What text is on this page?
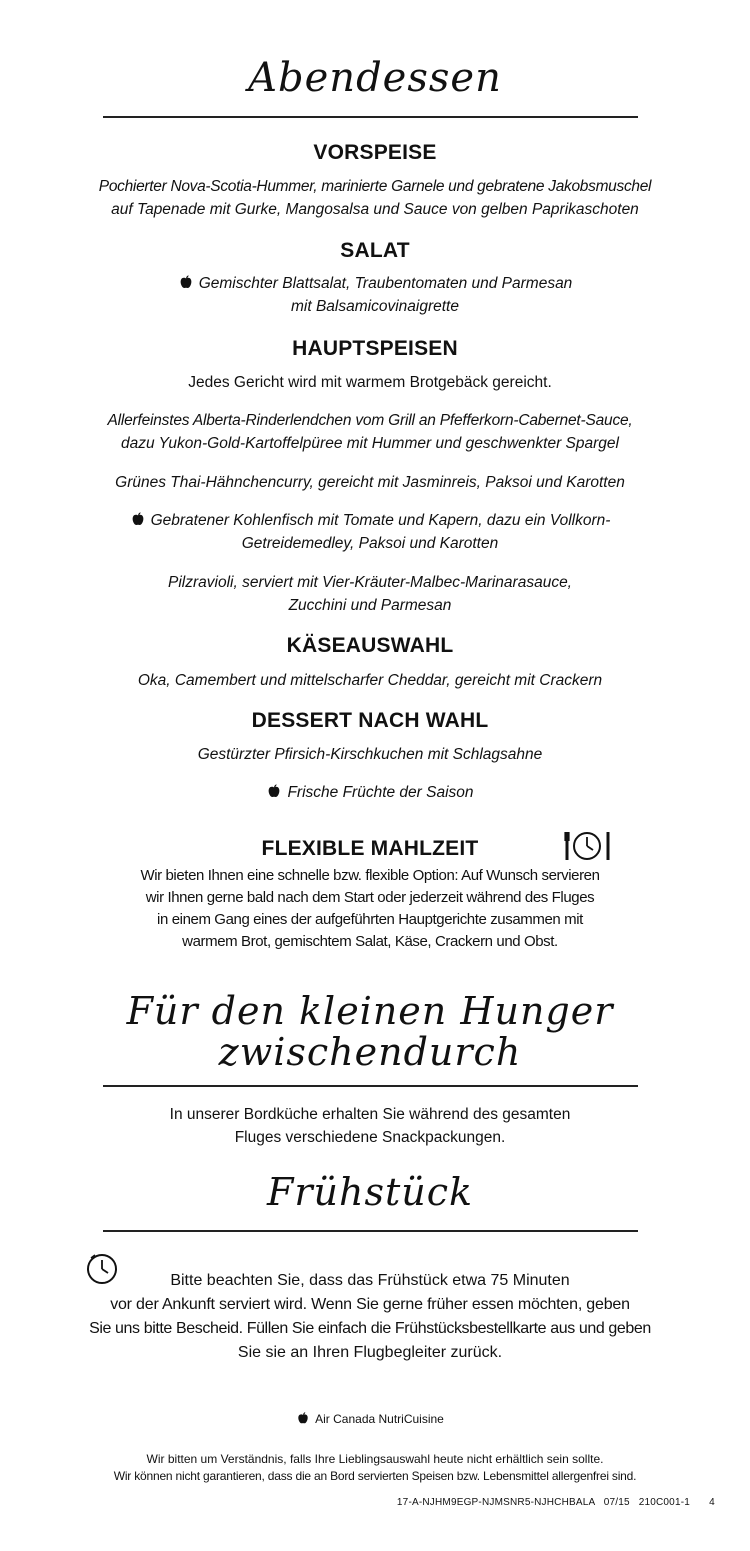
Abendessen
VORSPEISE

Pochierter Nova-Scotia-Hummer, marinierte Garnele und gebratene Jakobsmuschel

auf Tapenade mit Gurke, Mangosalsa und Sauce von gelben Paprikaschoten

SALAT

Gemischter Blattsalat, Traubentomaten und Parmesan

mit Balsamicovinaigrette

HAUPTSPEISEN

Jedes Gericht wird mit warmem Brotgebäck gereicht.

Allerfeinstes Alberta-Rinderlendchen vom Grill an Pfefferkorn-Cabernet-Sauce,

dazu Yukon-Gold-Kartoffelpüree mit Hummer und geschwenkter Spargel

Grünes Thai-Hähnchencurry, gereicht mit Jasminreis, Paksoi und Karotten

Gebratener Kohlenfisch mit Tomate und Kapern, dazu ein Vollkorn-

Getreidemedley, Paksoi und Karotten

Pilzravioli, serviert mit Vier-Kräuter-Malbec-Marinarasauce,

Zucchini und Parmesan

KÄSEAUSWAHL

Oka, Camembert und mittelscharfer Cheddar, gereicht mit Crackern

DESSERT NACH WAHL

Gestürzter Pfirsich-Kirschkuchen mit Schlagsahne

Frische Früchte der Saison

FLEXIBLE MAHLZEIT

Wir bieten Ihnen eine schnelle bzw. flexible Option: Auf Wunsch servieren

wir Ihnen gerne bald nach dem Start oder jederzeit während des Fluges

in einem Gang eines der aufgeführten Hauptgerichte zusammen mit

warmem Brot, gemischtem Salat, Käse, Crackern und Obst.

Für den kleinen Hunger
zwischendurch

In unserer Bordküche erhalten Sie während des gesamten

Fluges verschiedene Snackpackungen.

Frühstück

Bitte beachten Sie, dass das Frühstück etwa 75 Minuten

vor der Ankunft serviert wird. Wenn Sie gerne früher essen möchten, geben

Sie uns bitte Bescheid. Füllen Sie einfach die Frühstücksbestellkarte aus und geben

Sie sie an Ihren Flugbegleiter zurück.

Air Canada NutriCuisine

Wir bitten um Verständnis, falls Ihre Lieblingsauswahl heute nicht erhältlich sein sollte.

Wir können nicht garantieren, dass die an Bord servierten Speisen bzw. Lebensmittel allergenfrei sind.

17-A-NJHM9EGP-NJMSNR5-NJHCHBALA   07/15   210C001-1	4
